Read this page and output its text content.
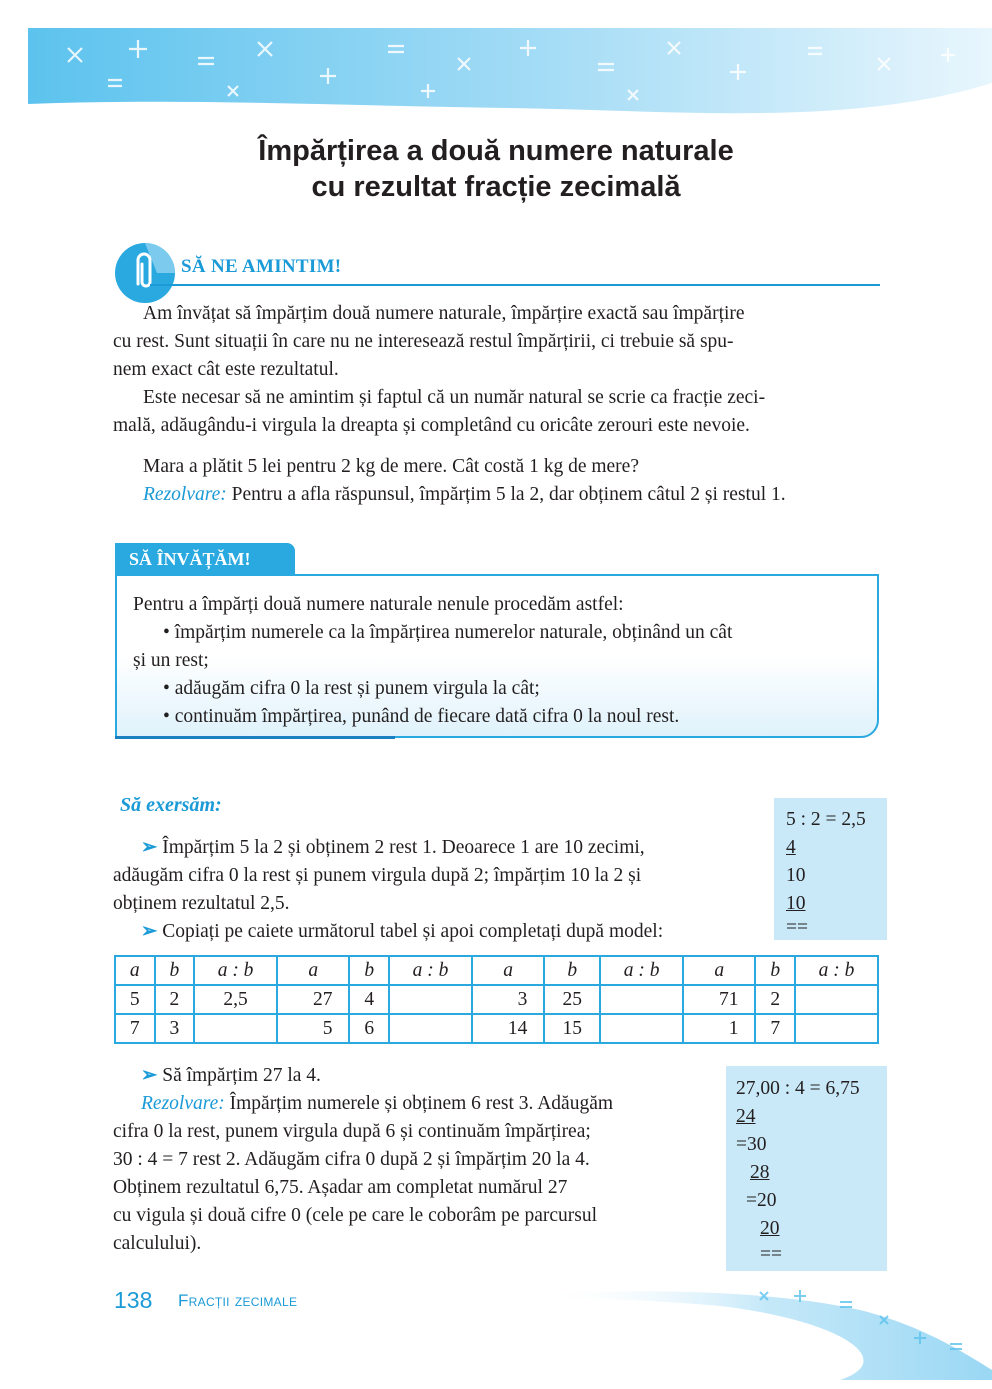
Împărțirea a două numere naturale
cu rezultat fracție zecimală
SĂ NE AMINTIM!

Am învățat să împărțim două numere naturale, împărțire exactă sau împărțire

cu rest. Sunt situații în care nu ne interesează restul împărțirii, ci trebuie să spu-

nem exact cât este rezultatul.

Este necesar să ne amintim și faptul că un număr natural se scrie ca fracție zeci-

mală, adăugându-i virgula la dreapta și completând cu oricâte zerouri este nevoie.

Mara a plătit 5 lei pentru 2 kg de mere. Cât costă 1 kg de mere?

Rezolvare: Pentru a afla răspunsul, împărțim 5 la 2, dar obținem câtul 2 și restul 1.

SĂ ÎNVĂȚĂM!

Pentru a împărți două numere naturale nenule procedăm astfel:

• împărțim numerele ca la împărțirea numerelor naturale, obținând un cât

și un rest;

• adăugăm cifra 0 la rest și punem virgula la cât;

• continuăm împărțirea, punând de fiecare dată cifra 0 la noul rest.

Să exersăm:
5 : 2 = 2,5
4
10
10
==

➢ Împărțim 5 la 2 și obținem 2 rest 1. Deoarece 1 are 10 zecimi,

adăugăm cifra 0 la rest și punem virgula după 2; împărțim 10 la 2 și

obținem rezultatul 2,5.

➢ Copiați pe caiete următorul tabel și apoi completați după model:

a	b	a : b	a	b	a : b	a	b	a : b	a	b	a : b
5	2	2,5	27	4		3	25		71	2	
7	3		5	6		14	15		1	7	

➢ Să împărțim 27 la 4.

Rezolvare: Împărțim numerele și obținem 6 rest 3. Adăugăm

cifra 0 la rest, punem virgula după 6 și continuăm împărțirea;

30 : 4 = 7 rest 2. Adăugăm cifra 0 după 2 și împărțim 20 la 4.

Obținem rezultatul 6,75. Așadar am completat numărul 27

cu vigula și două cifre 0 (cele pe care le coborâm pe parcursul

calculului).

27,00 : 4 = 6,75
24
=30
28
=20
20
==
138 Fracții zecimale
